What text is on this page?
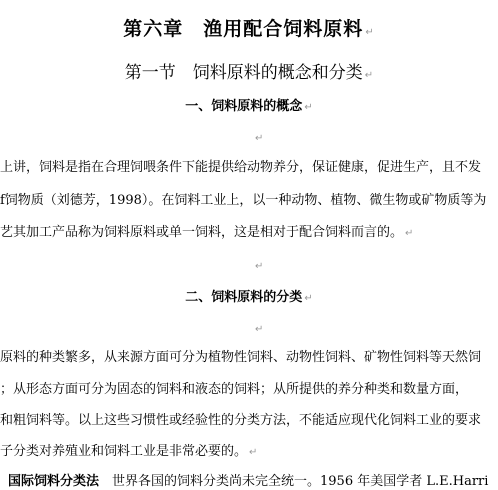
第六章　渔用配合饲料原料 ↵
第一节　饲料原料的概念和分类 ↵
一、饲料原料的概念 ↵
↵
上讲，饲料是指在合理饲喂条件下能提供给动物养分，保证健康，促进生产，且不发
f饲物质（刘德芳，1998）。在饲料工业上，以一种动物、植物、微生物或矿物质等为
艺其加工产品称为饲料原料或单一饲料，这是相对于配合饲料而言的。 ↵
↵
二、饲料原料的分类 ↵
↵
原料的种类繁多，从来源方面可分为植物性饲料、动物性饲料、矿物性饲料等天然饲
；从形态方面可分为固态的饲料和液态的饲料；从所提供的养分种类和数量方面，
和粗饲料等。以上这些习惯性或经验性的分类方法，不能适应现代化饲料工业的要求
子分类对养殖业和饲料工业是非常必要的。 ↵
国际饲料分类法　世界各国的饲料分类尚未完全统一。1956 年美国学者 L.E.Harri
